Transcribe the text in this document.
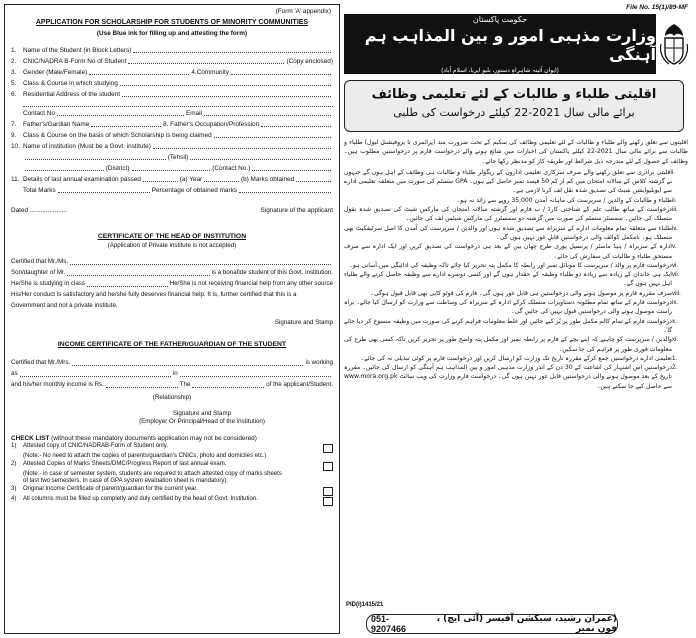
(Form 'A' appendix)
APPLICATION FOR SCHOLARSHIP FOR STUDENTS OF MINORITY COMMUNITIES
(Use Blue ink for filling up and attesting the form)
1.	Name of the Student (in Block Letters)
2.	CNIC/NADRA B-Form No of Student	(Copy enclosed)
3.	Gender (Male/Female)	4.Community
5.	Class & Course in which studying
6.	Residential Address of the student
Contact No	Email
7.	Father's/Gardian Name	8. Father's Occupation/Profession
9.	Class & Course on the basis of which Scholarship is being claimed
10. Name of institution (Must be a Govt. institute)
(Tehsil)
(District)	(Contact No.)
11. Details of last annual examination passed	(a) Year	(b) Marks obtained
Total Marks	Percentage of obtained marks
Dated .....................	Signature of the applicant
CERTIFICATE OF THE HEAD OF INSTITUTION
(Application of Private institute is not accepted)
Certified that Mr./Ms.
Son/daughter of Mr.	is a bonafide student of this Govt. institution.
He/She is studying in class	He/She is not receiving financial help from any other source
His/Her conduct is satisfactory and he/she fully deserves financial help. It is, further certified that this is a
Government and not a private institute.
Signature and Stamp
INCOME CERTIFICATE OF THE FATHER/GUARDIAN OF THE STUDENT
Certified that Mr./Mrs.	is working
as	in
and his/her monthly income is Rs.	The	of the applicant/Student.
(Relationship)
Signature and Stamp
(Employer Or Principal/Head of the institution)
CHECK LIST (without these mandatory documents application may not be considered)
1)	Attested copy of CNIC/NADRAB-Form of Student only.
(Note:- No need to attach the copies of parents/guardian's CNICs, photo and domiciles etc.)
2)	Attested Copies of Marks Sheets/DMC/Progress Report of last annual exam.
(Note:- in case of semester system, students are required to attach attested copy of marks sheets
of last two semesters. In case of GPA system evaluation sheet is mandatory).
3)	Original Income Certificate of parent/guardian for the current year.
4)	All columns must be filled up completly and duly certified by the head of Govt. Institution.
File No. 15(1)/89-MF
حکومت پاکستان
وزارت مذہبی امور و بین المذاہب ہم آہنگی
(ایوان آئینہ شاہراہِ دستور، بلیو ایریا، اسلام آباد)
اقلیتی طلباء و طالبات کے لئے تعلیمی وظائف
برائے مالی سال 2021-22 کیلئے درخواست کی طلبی

اقلیتوں سے تعلق رکھنے والے طلباء و طالبات کے لئے تعلیمی وظائف کی سکیم کے تحت ضرورت مند (پرائمری تا پروفیشنل لیول) طلباء و طالبات سے برائے مالی سال 2021-22 کیلئے پاکستان کی اخبارات میں شائع ہونے والے درخواست فارم پر درخواستیں مطلوب ہیں۔ وظائف کے حصول کے لئے مندرجہ ذیل شرائط اور طریقہ کار کو مدنظر رکھا جائے۔

i.
اقلیتی برادری سے تعلق رکھنے والے صرف سرکاری تعلیمی اداروں کے ریگولر طلباء و طالبات ہی وظائف کے اہل ہوں گے جنہوں نے گزشتہ کلاس کے سالانہ امتحان میں کم از کم 50 فیصد نمبر حاصل کیے ہوں۔ GPA سسٹم کی صورت میں متعلقہ تعلیمی ادارے سے ایویلیوایشن شیٹ کی تصدیق شدہ نقل لف کرنا لازمی ہے۔
ii.
طلباء و طالبات کے والدین / سرپرست کی ماہانہ آمدن 35,000 روپے سے زائد نہ ہو۔
iii.
درخواست کے ساتھ طالب علم کے شناختی کارڈ / ب فارم اور گزشتہ سالانہ امتحان کی مارکس شیٹ کی تصدیق شدہ نقول منسلک کی جائیں۔ سمسٹر سسٹم کی صورت میں گزشتہ دو سمسٹرز کی مارکس شیٹس لف کی جائیں۔
iv.
طلباء سے متعلقہ تمام معلومات ادارے کے سربراہ سے تصدیق شدہ ہوں اور والدین / سرپرست کی آمدن کا اصل سرٹیفکیٹ بھی منسلک ہو۔ نامکمل کوائف والی درخواستیں قابلِ غور نہیں ہوں گی۔
v.
ادارہ کے سربراہ / ہیڈ ماسٹر / پرنسپل پوری طرح چھان بین کے بعد ہی درخواست کی تصدیق کریں اور ایک ادارہ سے صرف مستحق طلباء و طالبات کی سفارش کی جائے۔
vi.
درخواست فارم پر والد / سرپرست کا موبائل نمبر اور رابطہ کا مکمل پتہ تحریر کیا جائے تاکہ وظیفہ کی ادائیگی میں آسانی ہو۔
vii.
ایک ہی خاندان کے زیادہ سے زیادہ دو طلباء وظیفہ کے حقدار ہوں گے اور کسی دوسرے ادارے سے وظیفہ حاصل کرنے والے طلباء اہل نہیں ہوں گے۔
viii.
صرف مقررہ فارم پر موصول ہونے والی درخواستیں ہی قابل غور ہوں گی۔ فارم کی فوٹو کاپی بھی قابل قبول ہوگی۔
ix.
درخواست فارم کے ساتھ تمام مطلوبہ دستاویزات منسلک کرکے ادارہ کے سربراہ کی وساطت سے وزارت کو ارسال کیا جائے۔ براہ راست موصول ہونے والی درخواستیں قبول نہیں کی جائیں گی۔
x.
درخواست فارم کے تمام کالم مکمل طور پر پُر کیے جائیں اور غلط معلومات فراہم کرنے کی صورت میں وظیفہ منسوخ کر دیا جائے گا۔
xi.
والدین / سرپرست کو چاہیے کہ اپنے بچے کے فارم پر رابطہ نمبر اور مکمل پتہ واضح طور پر تحریر کریں تاکہ کسی بھی طرح کی معلومات فوری طور پر فراہم کی جا سکیں۔
1.
تعلیمی ادارے درخواستیں جمع کرکے مقررہ تاریخ تک وزارت کو ارسال کریں اور درخواست فارم پر کوئی تبدیلی نہ کی جائے۔
2.
درخواستیں اس اشتہار کی اشاعت کے 30 دن کے اندر وزارت مذہبی امور و بین المذاہب ہم آہنگی کو ارسال کی جائیں۔ مقررہ تاریخ کے بعد موصول ہونے والی درخواستیں قابل غور نہیں ہوں گی۔ درخواست فارم وزارت کی ویب سائٹ www.mora.org.pk سے حاصل کیے جا سکتے ہیں۔
PID(I)1415/21
(عمران رشید، سیکشن آفیسر (آئی ایچ) ، فون نمبر
051-9207466
